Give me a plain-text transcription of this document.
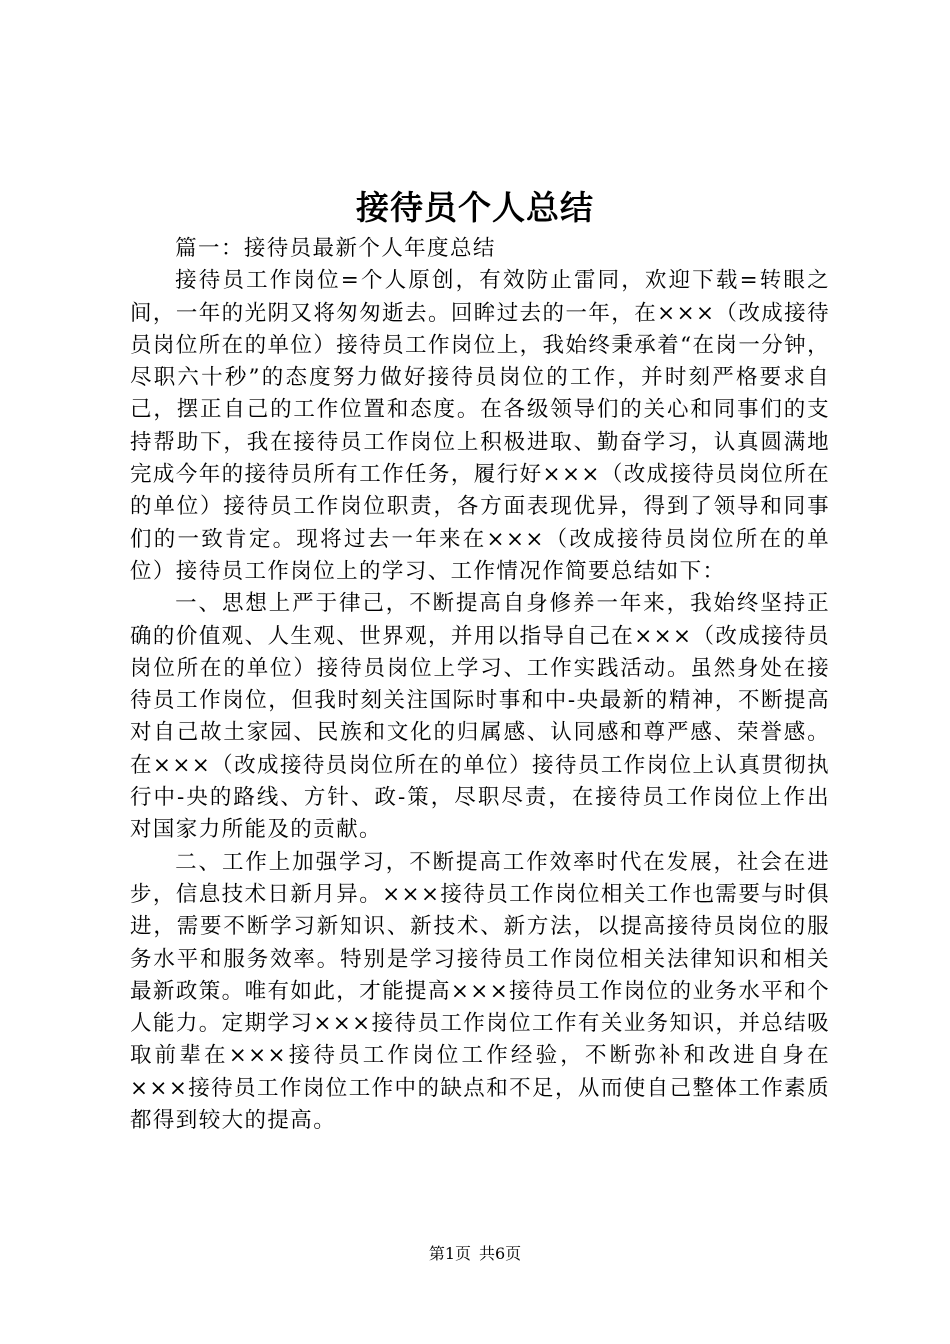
接待员个人总结

篇一：接待员最新个人年度总结

接待员工作岗位=个人原创，有效防止雷同，欢迎下载=转眼之间，一年的光阴又将匆匆逝去。回眸过去的一年，在×××（改成接待员岗位所在的单位）接待员工作岗位上，我始终秉承着“在岗一分钟，尽职六十秒”的态度努力做好接待员岗位的工作，并时刻严格要求自己，摆正自己的工作位置和态度。在各级领导们的关心和同事们的支持帮助下，我在接待员工作岗位上积极进取、勤奋学习，认真圆满地完成今年的接待员所有工作任务，履行好×××（改成接待员岗位所在的单位）接待员工作岗位职责，各方面表现优异，得到了领导和同事们的一致肯定。现将过去一年来在×××（改成接待员岗位所在的单位）接待员工作岗位上的学习、工作情况作简要总结如下：

一、思想上严于律己，不断提高自身修养一年来，我始终坚持正确的价值观、人生观、世界观，并用以指导自己在×××（改成接待员岗位所在的单位）接待员岗位上学习、工作实践活动。虽然身处在接待员工作岗位，但我时刻关注国际时事和中-央最新的精神，不断提高对自己故土家园、民族和文化的归属感、认同感和尊严感、荣誉感。在×××（改成接待员岗位所在的单位）接待员工作岗位上认真贯彻执行中-央的路线、方针、政-策，尽职尽责，在接待员工作岗位上作出对国家力所能及的贡献。

二、工作上加强学习，不断提高工作效率时代在发展，社会在进步，信息技术日新月异。×××接待员工作岗位相关工作也需要与时俱进，需要不断学习新知识、新技术、新方法，以提高接待员岗位的服务水平和服务效率。特别是学习接待员工作岗位相关法律知识和相关最新政策。唯有如此，才能提高×××接待员工作岗位的业务水平和个人能力。定期学习×××接待员工作岗位工作有关业务知识，并总结吸取前辈在×××接待员工作岗位工作经验，不断弥补和改进自身在×××接待员工作岗位工作中的缺点和不足，从而使自己整体工作素质都得到较大的提高。

第1页 共6页
